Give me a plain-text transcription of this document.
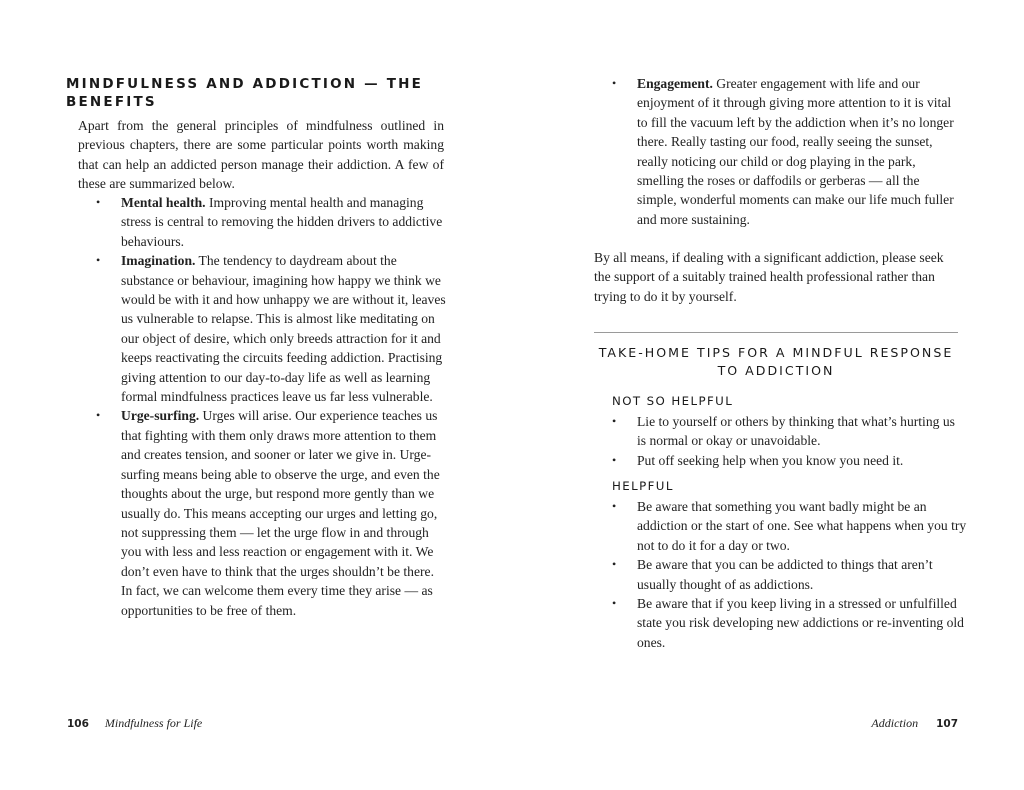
MINDFULNESS AND ADDICTION — THE BENEFITS
Apart from the general principles of mindfulness outlined in previous chapters, there are some particular points worth making that can help an addicted person manage their addiction. A few of these are summarized below.
• Mental health. Improving mental health and managing stress is central to removing the hidden drivers to addictive behaviours.
• Imagination. The tendency to daydream about the substance or behaviour, imagining how happy we think we would be with it and how unhappy we are without it, leaves us vulnerable to relapse. This is almost like meditating on our object of desire, which only breeds attraction for it and keeps reactivating the circuits feeding addiction. Practising giving attention to our day-to-day life as well as learning formal mindfulness practices leave us far less vulnerable.
• Urge-surfing. Urges will arise. Our experience teaches us that fighting with them only draws more attention to them and creates tension, and sooner or later we give in. Urge-surfing means being able to observe the urge, and even the thoughts about the urge, but respond more gently than we usually do. This means accepting our urges and letting go, not suppressing them — let the urge flow in and through you with less and less reaction or engagement with it. We don’t even have to think that the urges shouldn’t be there. In fact, we can welcome them every time they arise — as opportunities to be free of them.
106 Mindfulness for Life
• Engagement. Greater engagement with life and our enjoyment of it through giving more attention to it is vital to fill the vacuum left by the addiction when it’s no longer there. Really tasting our food, really seeing the sunset, really noticing our child or dog playing in the park, smelling the roses or daffodils or gerberas — all the simple, wonderful moments can make our life much fuller and more sustaining.
By all means, if dealing with a significant addiction, please seek the support of a suitably trained health professional rather than trying to do it by yourself.
TAKE-HOME TIPS FOR A MINDFUL RESPONSE TO ADDICTION
NOT SO HELPFUL
• Lie to yourself or others by thinking that what’s hurting us is normal or okay or unavoidable.
• Put off seeking help when you know you need it.
HELPFUL
• Be aware that something you want badly might be an addiction or the start of one. See what happens when you try not to do it for a day or two.
• Be aware that you can be addicted to things that aren’t usually thought of as addictions.
• Be aware that if you keep living in a stressed or unfulfilled state you risk developing new addictions or re-inventing old ones.
Addiction 107
